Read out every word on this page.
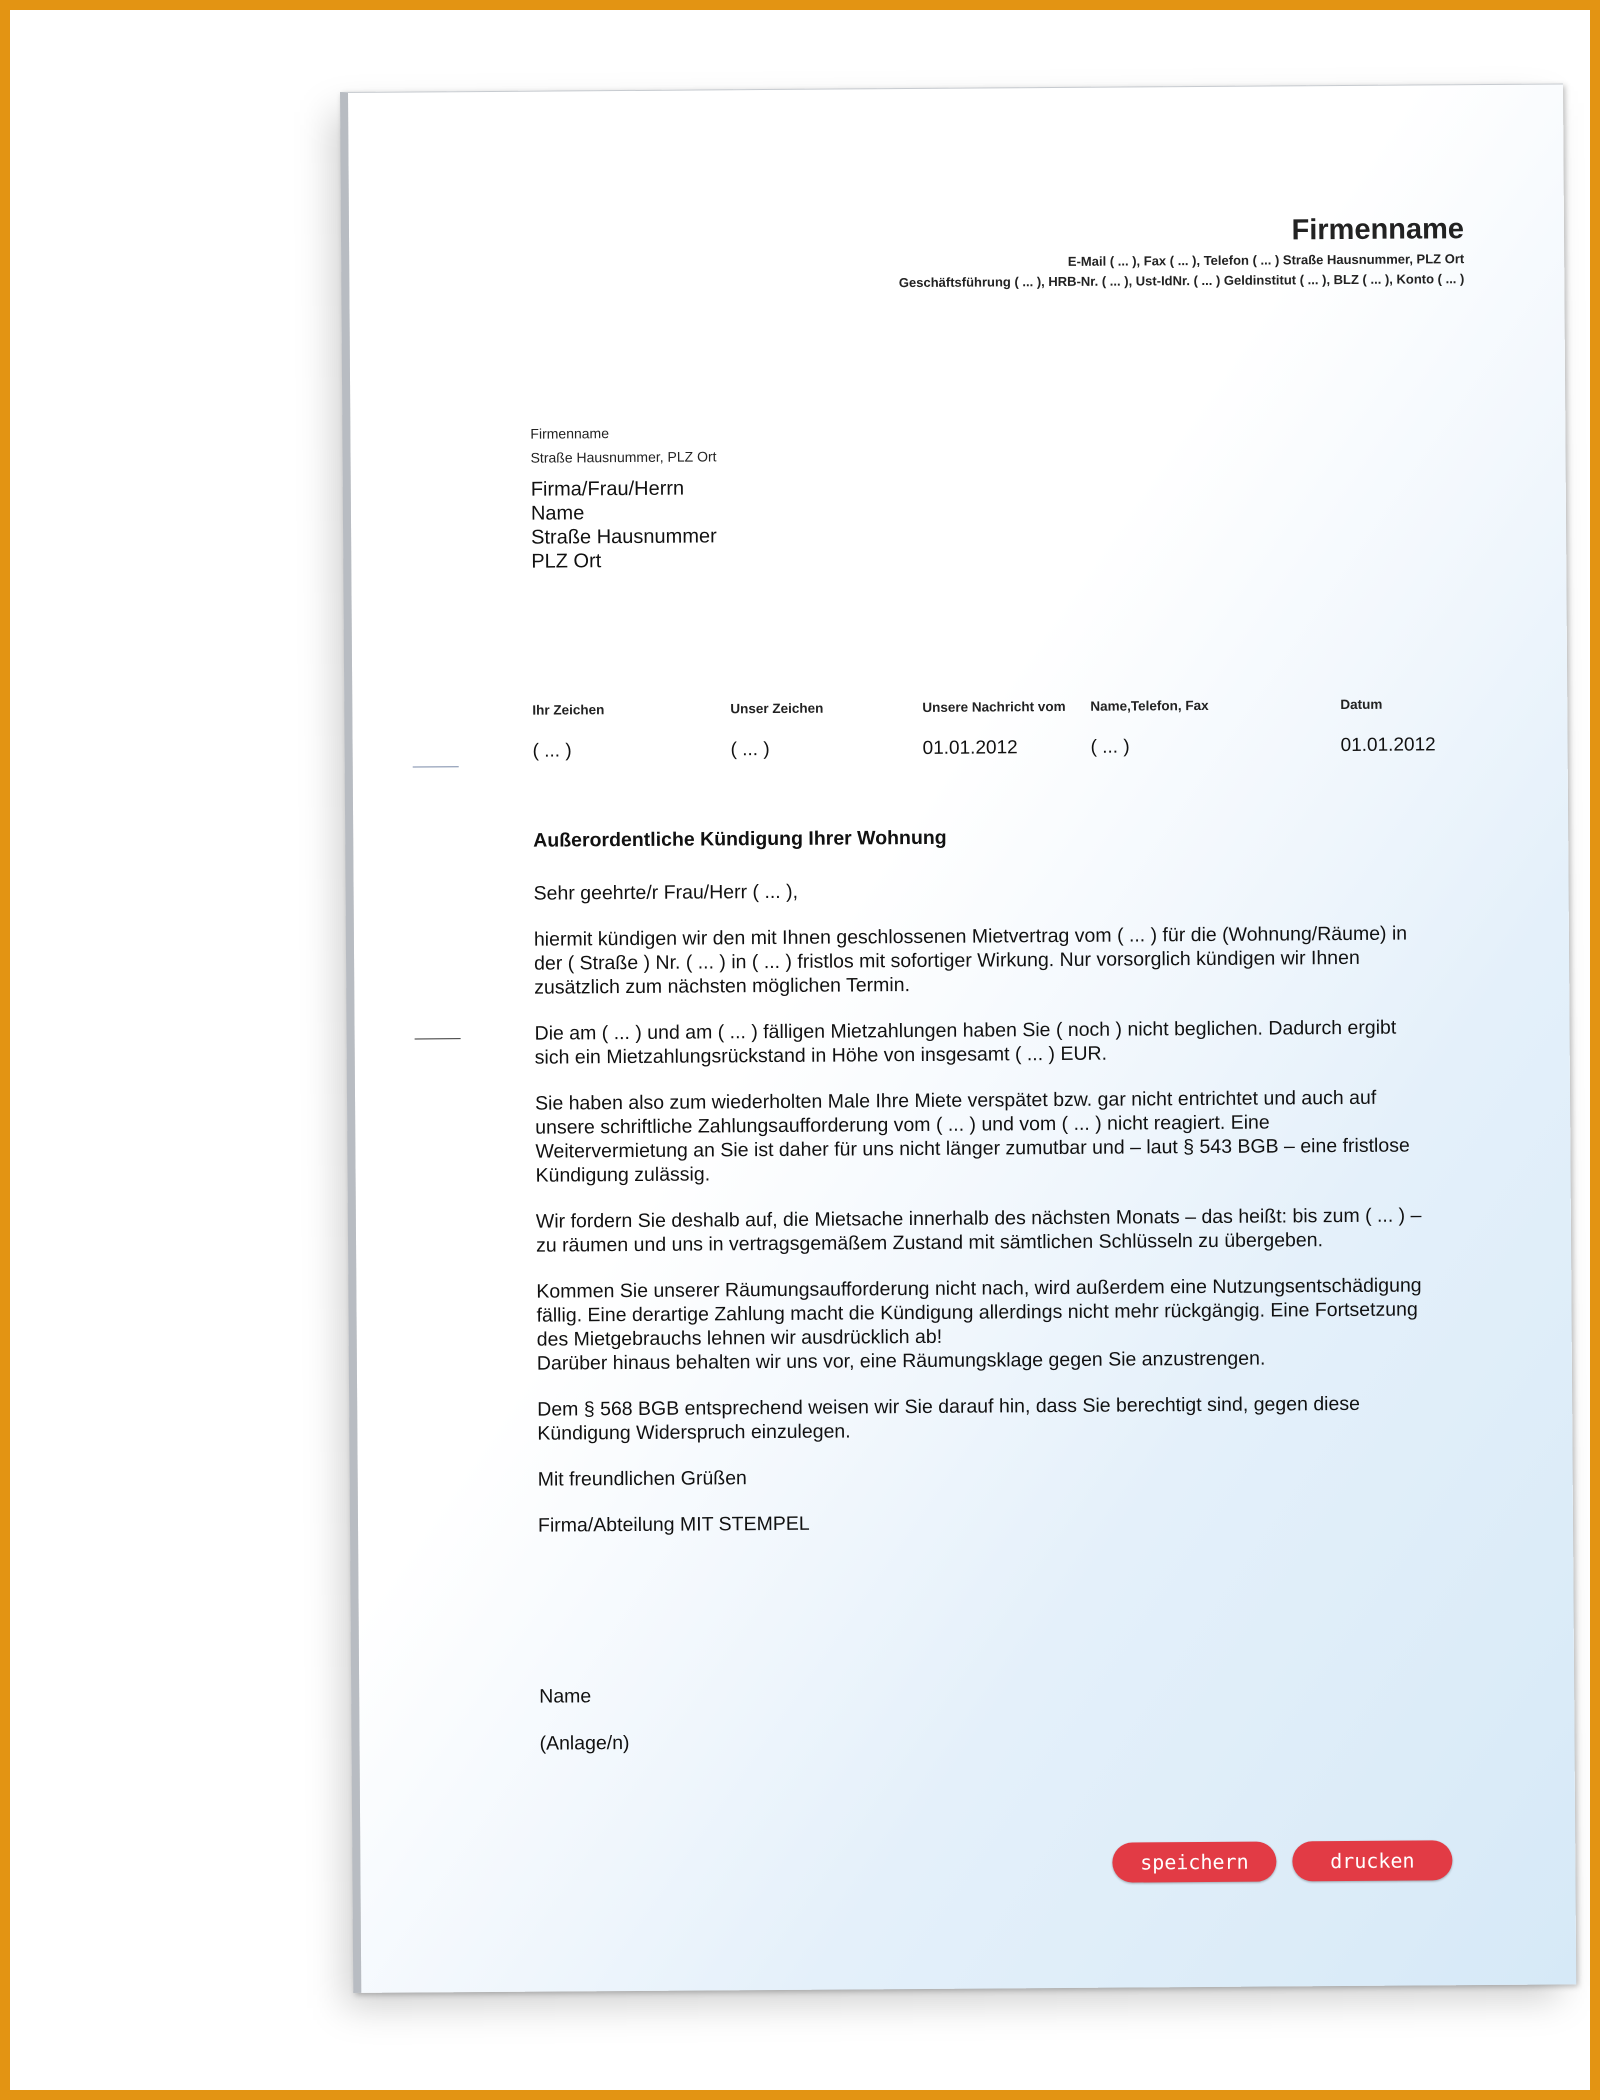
Firmenname
E-Mail ( ... ), Fax ( ... ), Telefon ( ... ) Straße Hausnummer, PLZ Ort
Geschäftsführung ( ... ), HRB-Nr. ( ... ), Ust-IdNr. ( ... ) Geldinstitut ( ... ), BLZ ( ... ), Konto ( ... )
Firmenname
Straße Hausnummer, PLZ Ort
Firma/Frau/Herrn
Name
Straße Hausnummer
PLZ Ort
Ihr Zeichen
( ... )
Unser Zeichen
( ... )
Unsere Nachricht vom
01.01.2012
Name,Telefon, Fax
( ... )
Datum
01.01.2012
Außerordentliche Kündigung Ihrer Wohnung

Sehr geehrte/r Frau/Herr ( ... ),

hiermit kündigen wir den mit Ihnen geschlossenen Mietvertrag vom ( ... ) für die (Wohnung/Räume) in
der ( Straße ) Nr. ( ... ) in ( ... ) fristlos mit sofortiger Wirkung. Nur vorsorglich kündigen wir Ihnen
zusätzlich zum nächsten möglichen Termin.

Die am ( ... ) und am ( ... ) fälligen Mietzahlungen haben Sie ( noch ) nicht beglichen. Dadurch ergibt
sich ein Mietzahlungsrückstand in Höhe von insgesamt ( ... ) EUR.

Sie haben also zum wiederholten Male Ihre Miete verspätet bzw. gar nicht entrichtet und auch auf
unsere schriftliche Zahlungsaufforderung vom ( ... ) und vom ( ... ) nicht reagiert. Eine
Weitervermietung an Sie ist daher für uns nicht länger zumutbar und – laut § 543 BGB – eine fristlose
Kündigung zulässig.

Wir fordern Sie deshalb auf, die Mietsache innerhalb des nächsten Monats – das heißt: bis zum ( ... ) –
zu räumen und uns in vertragsgemäßem Zustand mit sämtlichen Schlüsseln zu übergeben.

Kommen Sie unserer Räumungsaufforderung nicht nach, wird außerdem eine Nutzungsentschädigung
fällig. Eine derartige Zahlung macht die Kündigung allerdings nicht mehr rückgängig. Eine Fortsetzung
des Mietgebrauchs lehnen wir ausdrücklich ab!
Darüber hinaus behalten wir uns vor, eine Räumungsklage gegen Sie anzustrengen.

Dem § 568 BGB entsprechend weisen wir Sie darauf hin, dass Sie berechtigt sind, gegen diese
Kündigung Widerspruch einzulegen.

Mit freundlichen Grüßen

Firma/Abteilung MIT STEMPEL

Name
(Anlage/n)
speichern	drucken
